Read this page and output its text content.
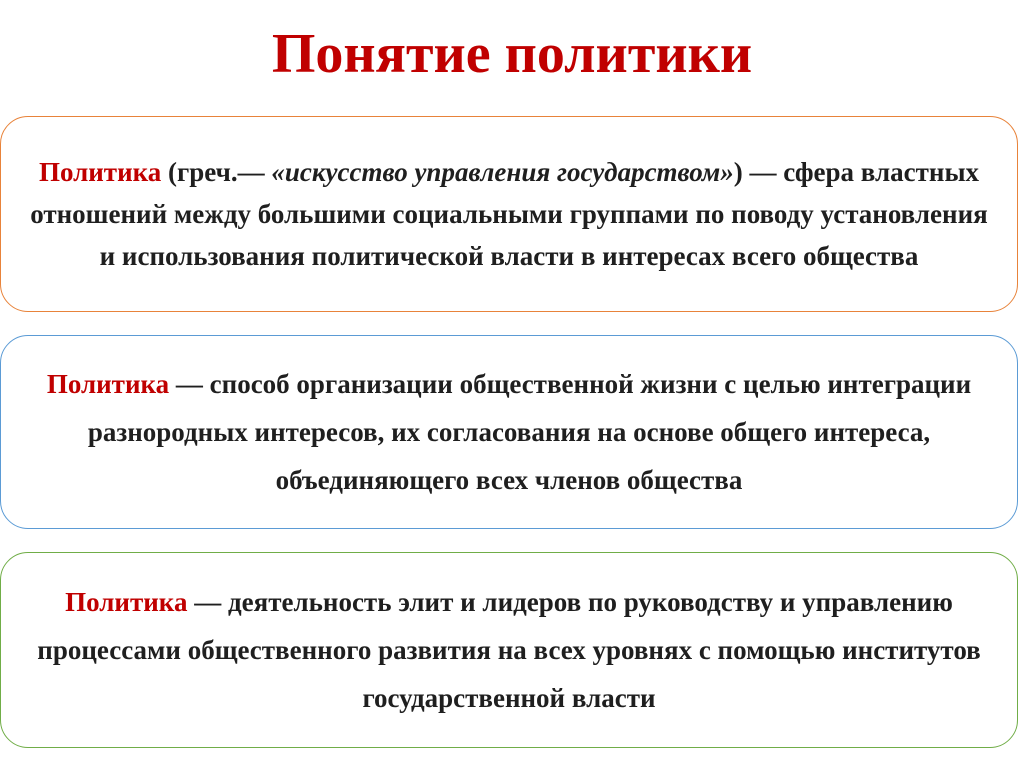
Понятие политики

Политика (греч.— «искусство управления государством») — сфера властных отношений между большими социальными группами по поводу установления и использования политической власти в интересах всего общества

Политика — способ организации общественной жизни с целью интеграции разнородных интересов, их согласования на основе общего интереса, объединяющего всех членов общества

Политика — деятельность элит и лидеров по руководству и управлению процессами общественного развития на всех уровнях с помощью институтов государственной власти
